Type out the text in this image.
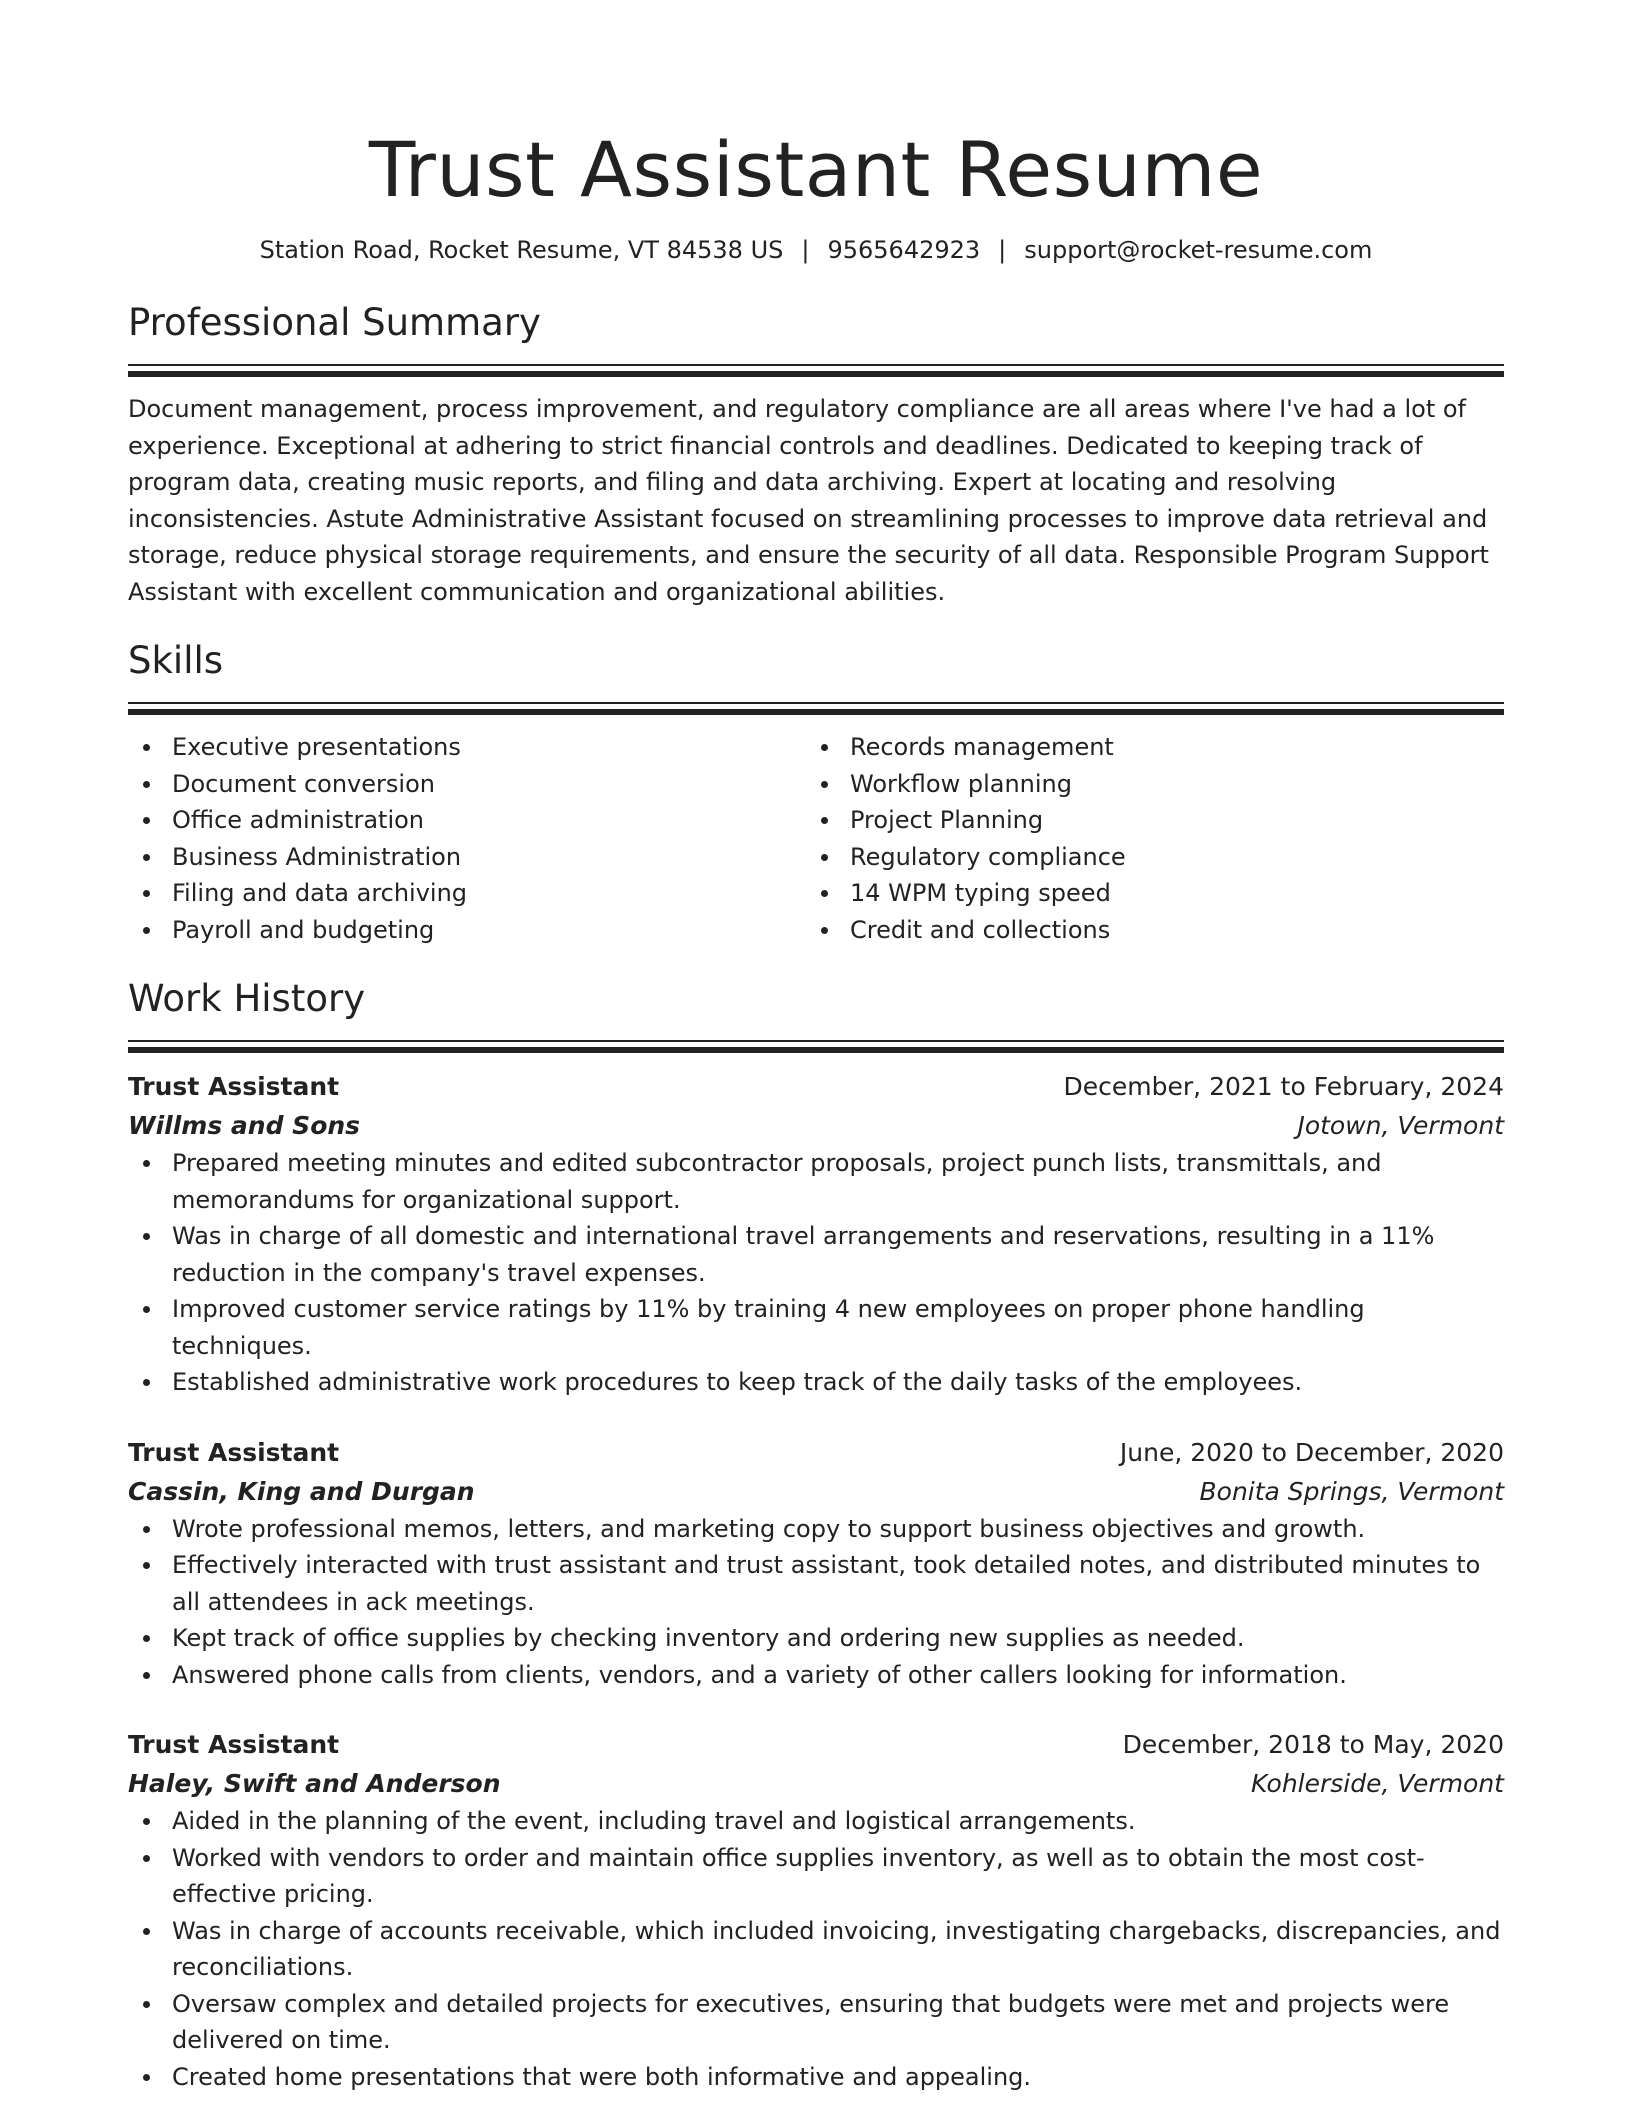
Trust Assistant Resume
Station Road, Rocket Resume, VT 84538 US | 9565642923 | support@rocket-resume.com
Professional Summary
Document management, process improvement, and regulatory compliance are all areas where I've had a lot of experience. Exceptional at adhering to strict financial controls and deadlines. Dedicated to keeping track of program data, creating music reports, and filing and data archiving. Expert at locating and resolving inconsistencies. Astute Administrative Assistant focused on streamlining processes to improve data retrieval and storage, reduce physical storage requirements, and ensure the security of all data. Responsible Program Support Assistant with excellent communication and organizational abilities.
Skills
Executive presentations
Document conversion
Office administration
Business Administration
Filing and data archiving
Payroll and budgeting
Records management
Workflow planning
Project Planning
Regulatory compliance
14 WPM typing speed
Credit and collections
Work History
Trust Assistant	December, 2021 to February, 2024
Willms and Sons	Jotown, Vermont
Prepared meeting minutes and edited subcontractor proposals, project punch lists, transmittals, and memorandums for organizational support.
Was in charge of all domestic and international travel arrangements and reservations, resulting in a 11% reduction in the company's travel expenses.
Improved customer service ratings by 11% by training 4 new employees on proper phone handling techniques.
Established administrative work procedures to keep track of the daily tasks of the employees.
Trust Assistant	June, 2020 to December, 2020
Cassin, King and Durgan	Bonita Springs, Vermont
Wrote professional memos, letters, and marketing copy to support business objectives and growth.
Effectively interacted with trust assistant and trust assistant, took detailed notes, and distributed minutes to all attendees in ack meetings.
Kept track of office supplies by checking inventory and ordering new supplies as needed.
Answered phone calls from clients, vendors, and a variety of other callers looking for information.
Trust Assistant	December, 2018 to May, 2020
Haley, Swift and Anderson	Kohlerside, Vermont
Aided in the planning of the event, including travel and logistical arrangements.
Worked with vendors to order and maintain office supplies inventory, as well as to obtain the most cost-effective pricing.
Was in charge of accounts receivable, which included invoicing, investigating chargebacks, discrepancies, and reconciliations.
Oversaw complex and detailed projects for executives, ensuring that budgets were met and projects were delivered on time.
Created home presentations that were both informative and appealing.
